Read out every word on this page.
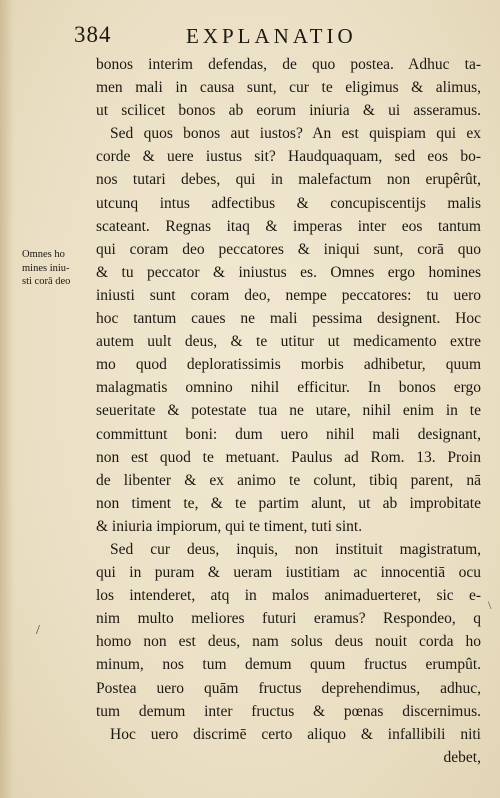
384	EXPLANATIO
Omnes ho
mines iniu-
sti corā deo
/
\
bonos interim defendas, de quo postea. Adhuc ta-
men mali in causa sunt, cur te eligimus & alimus,
ut scilicet bonos ab eorum iniuria & ui asseramus.
Sed quos bonos aut iustos? An est quispiam qui ex
corde & uere iustus sit? Haudquaquam, sed eos bo-
nos tutari debes, qui in malefactum non erupêrût,
utcunq intus adfectibus & concupiscentijs malis
scateant. Regnas itaq & imperas inter eos tantum
qui coram deo peccatores & iniqui sunt, corā quo
& tu peccator & iniustus es. Omnes ergo homines
iniusti sunt coram deo, nempe peccatores: tu uero
hoc tantum caues ne mali pessima designent. Hoc
autem uult deus, & te utitur ut medicamento extre
mo quod deploratissimis morbis adhibetur, quum
malagmatis omnino nihil efficitur. In bonos ergo
seueritate & potestate tua ne utare, nihil enim in te
committunt boni: dum uero nihil mali designant,
non est quod te metuant. Paulus ad Rom. 13. Proin
de libenter & ex animo te colunt, tibiq parent, nā
non timent te, & te partim alunt, ut ab improbitate
& iniuria impiorum, qui te timent, tuti sint.
Sed cur deus, inquis, non instituit magistratum,
qui in puram & ueram iustitiam ac innocentiā ocu
los intenderet, atq in malos animaduerteret, sic e-
nim multo meliores futuri eramus? Respondeo, q
homo non est deus, nam solus deus nouit corda ho
minum, nos tum demum quum fructus erumpût.
Postea uero quām fructus deprehendimus, adhuc,
tum demum inter fructus & pœnas discernimus.
Hoc uero discrimē certo aliquo & infallibili niti
debet,
